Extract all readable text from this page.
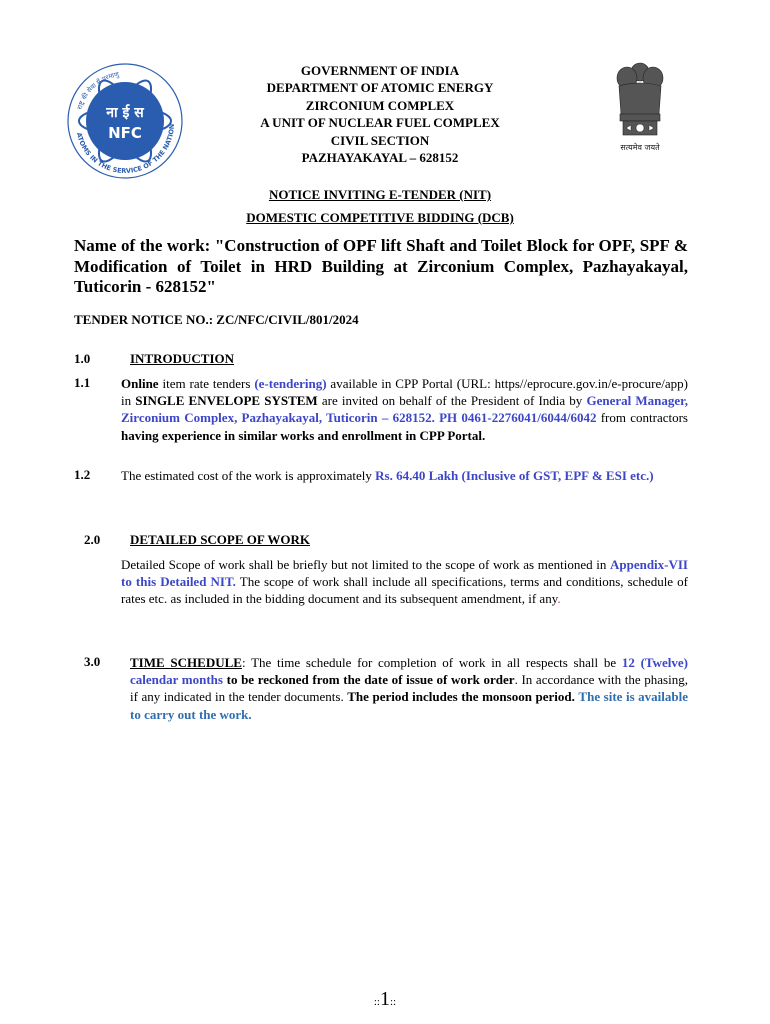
राष्ट्र की सेवा में परमाणु
ATOMS IN THE SERVICE OF THE NATION
ना ई स
NFC
GOVERNMENT OF INDIA
DEPARTMENT OF ATOMIC ENERGY
ZIRCONIUM COMPLEX
A UNIT OF NUCLEAR FUEL COMPLEX
CIVIL SECTION
PAZHAYAKAYAL – 628152
सत्यमेव जयते
NOTICE INVITING E-TENDER (NIT)
DOMESTIC COMPETITIVE BIDDING (DCB)
Name of the work: "Construction of OPF lift Shaft and Toilet Block for OPF, SPF & Modification of Toilet in HRD Building at Zirconium Complex, Pazhayakayal, Tuticorin - 628152"
TENDER NOTICE NO.: ZC/NFC/CIVIL/801/2024
1.0	INTRODUCTION
1.1 Online item rate tenders (e-tendering) available in CPP Portal (URL: https//eprocure.gov.in/e-procure/app) in SINGLE ENVELOPE SYSTEM are invited on behalf of the President of India by General Manager, Zirconium Complex, Pazhayakayal, Tuticorin – 628152. PH 0461-2276041/6044/6042 from contractors having experience in similar works and enrollment in CPP Portal.
1.2 The estimated cost of the work is approximately Rs. 64.40 Lakh (Inclusive of GST, EPF & ESI etc.)
2.0 DETAILED SCOPE OF WORK
Detailed Scope of work shall be briefly but not limited to the scope of work as mentioned in Appendix-VII to this Detailed NIT. The scope of work shall include all specifications, terms and conditions, schedule of rates etc. as included in the bidding document and its subsequent amendment, if any.
3.0 TIME SCHEDULE: The time schedule for completion of work in all respects shall be 12 (Twelve) calendar months to be reckoned from the date of issue of work order. In accordance with the phasing, if any indicated in the tender documents. The period includes the monsoon period. The site is available to carry out the work.
::1::
